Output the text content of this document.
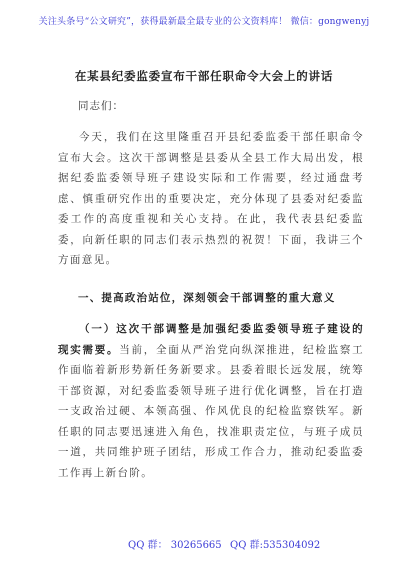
关注头条号“公文研究”，获得最新最全最专业的公文资料库！ 微信：gongwenyj
在某县纪委监委宣布干部任职命令大会上的讲话
同志们：

今天，我们在这里隆重召开县纪委监委干部任职命令宣布大会。这次干部调整是县委从全县工作大局出发，根据纪委监委领导班子建设实际和工作需要，经过通盘考虑、慎重研究作出的重要决定，充分体现了县委对纪委监委工作的高度重视和关心支持。在此，我代表县纪委监委，向新任职的同志们表示热烈的祝贺！下面，我讲三个方面意见。

一、提高政治站位，深刻领会干部调整的重大意义

（一）这次干部调整是加强纪委监委领导班子建设的现实需要。当前，全面从严治党向纵深推进，纪检监察工作面临着新形势新任务新要求。县委着眼长远发展，统筹干部资源，对纪委监委领导班子进行优化调整，旨在打造一支政治过硬、本领高强、作风优良的纪检监察铁军。新任职的同志要迅速进入角色，找准职责定位，与班子成员一道，共同维护班子团结，形成工作合力，推动纪委监委工作再上新台阶。

QQ 群： 30265665 QQ 群:535304092
